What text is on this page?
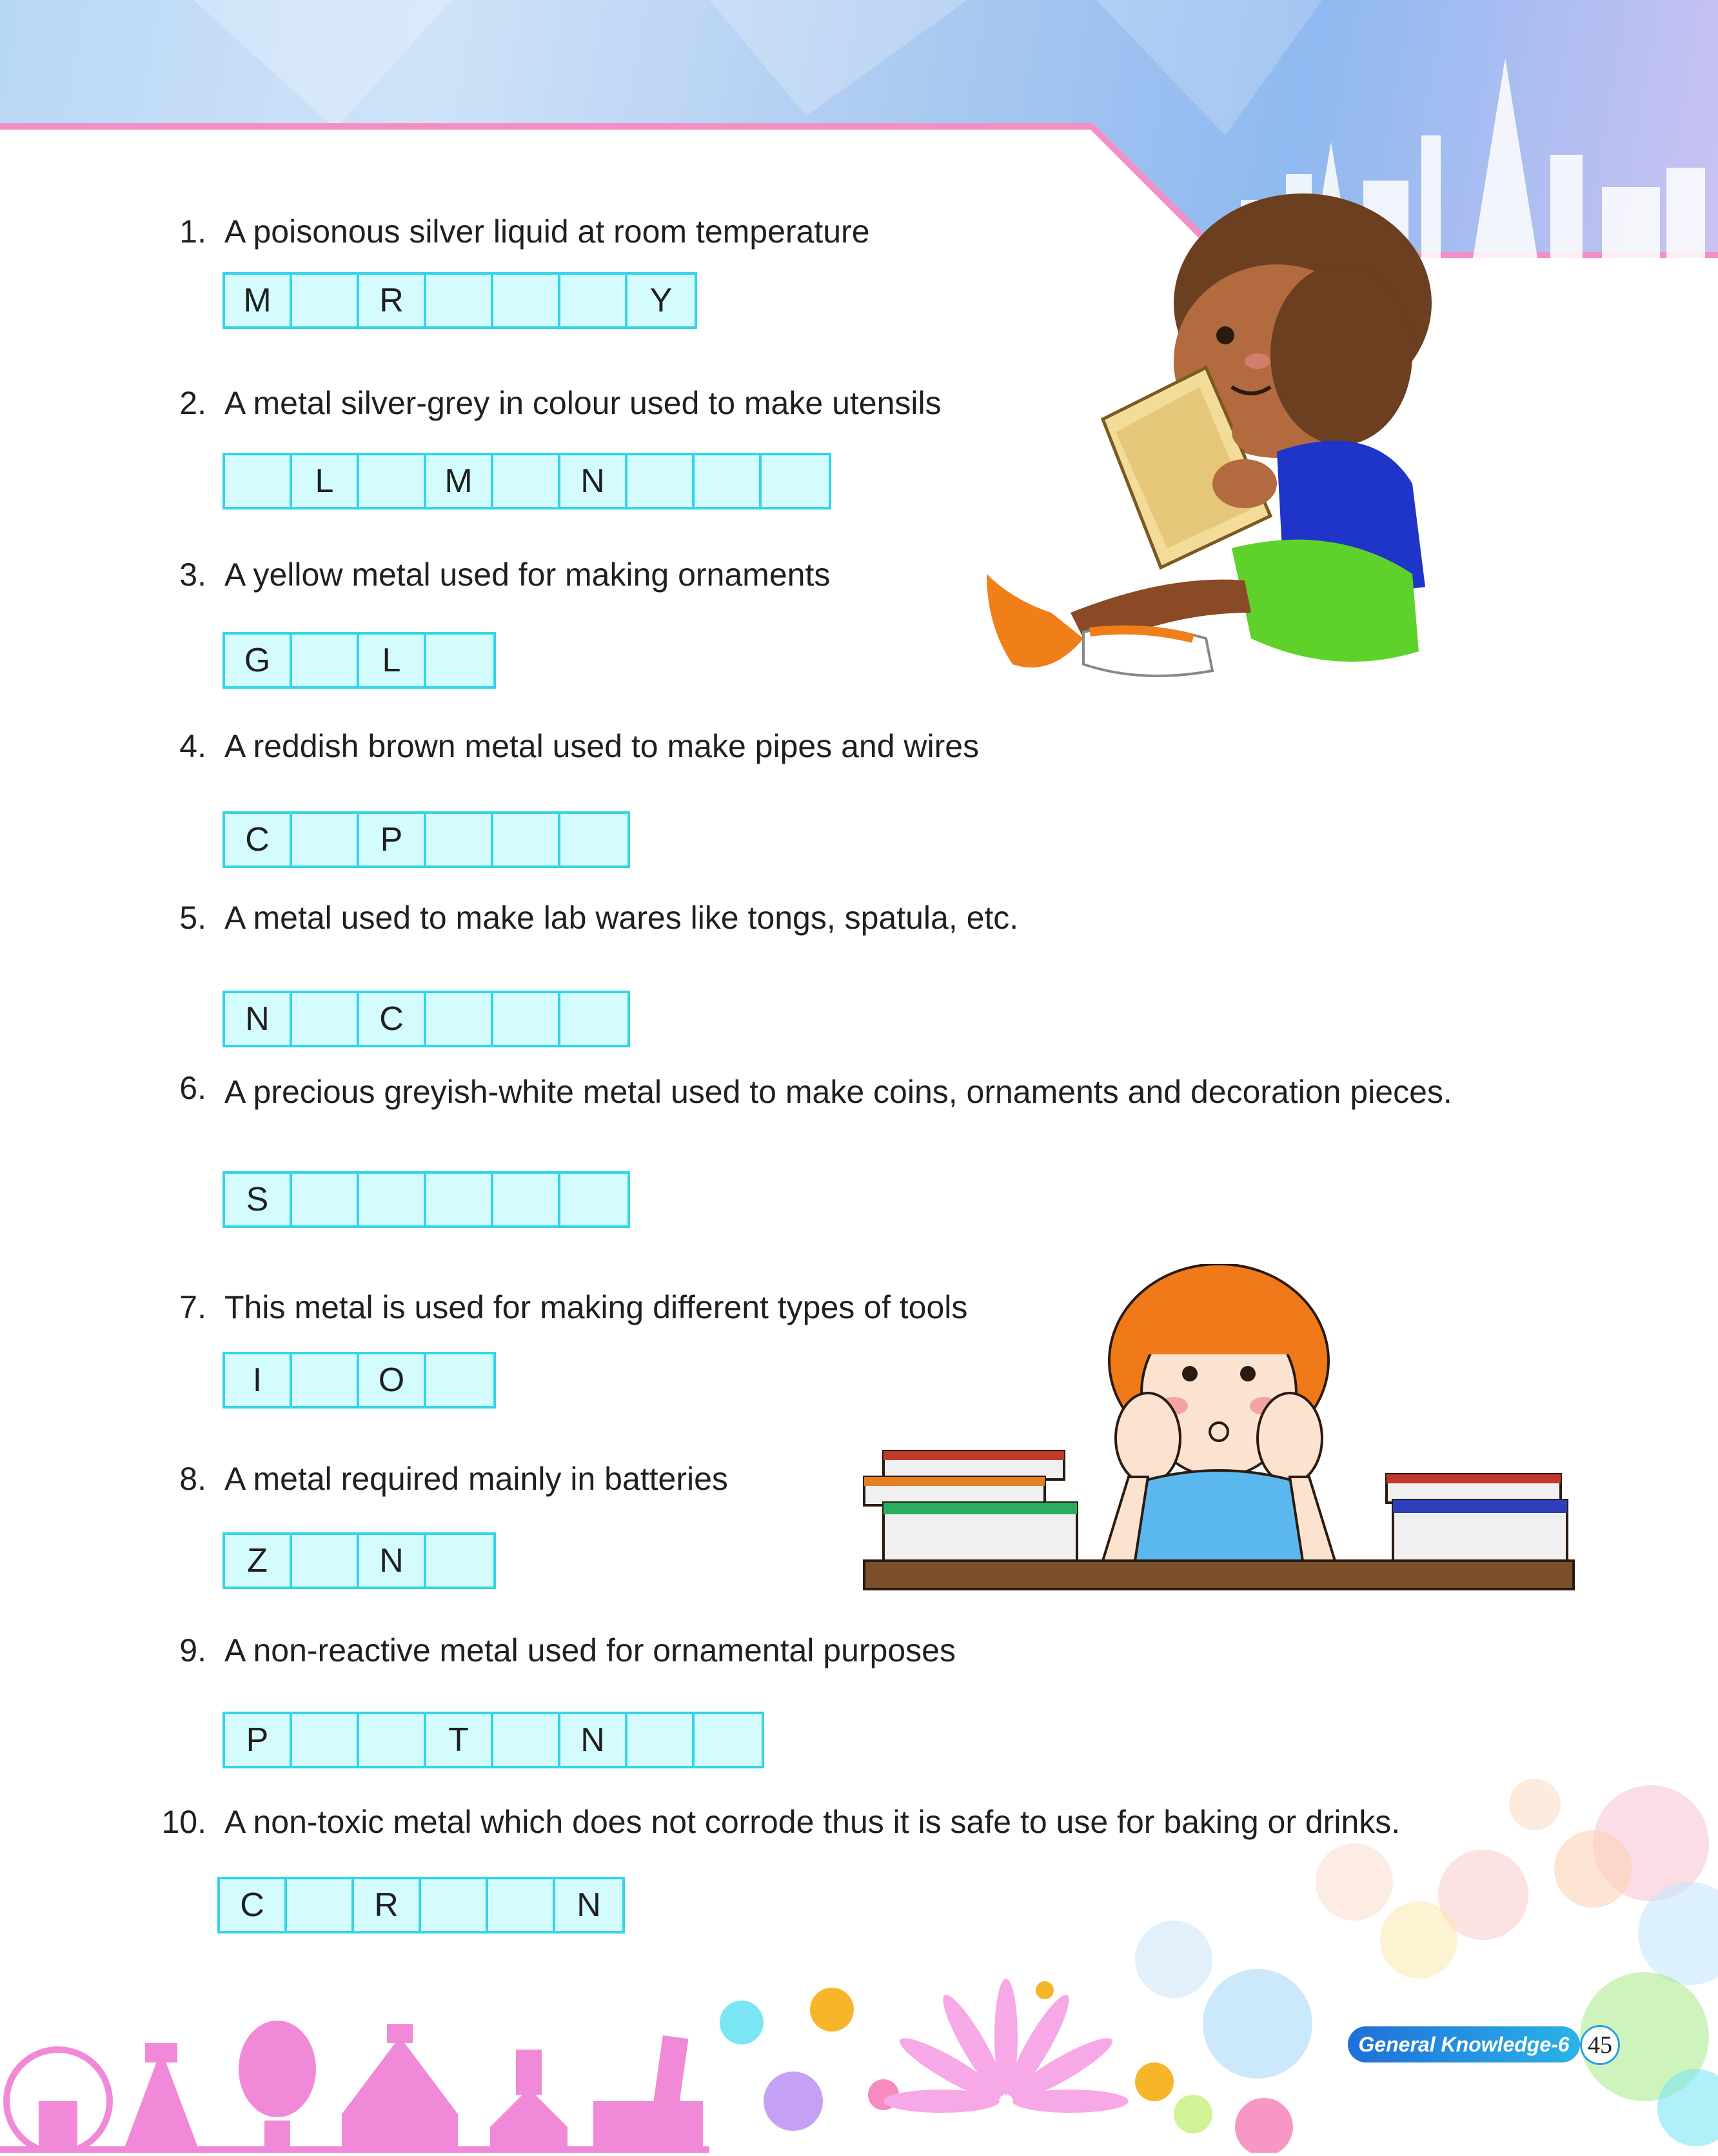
1. A poisonous silver liquid at room temperature
M	R	Y
2. A metal silver-grey in colour used to make utensils
L	M	N
3. A yellow metal used for making ornaments
G	L
4. A reddish brown metal used to make pipes and wires
C	P
5. A metal used to make lab wares like tongs, spatula, etc.
N	C
6. A precious greyish-white metal used to make coins, ornaments and decoration pieces.
S
7. This metal is used for making different types of tools
I	O
8. A metal required mainly in batteries
Z	N
9. A non-reactive metal used for ornamental purposes
P	T	N
10. A non-toxic metal which does not corrode thus it is safe to use for baking or drinks.
C	R	N
General Knowledge-6 45
